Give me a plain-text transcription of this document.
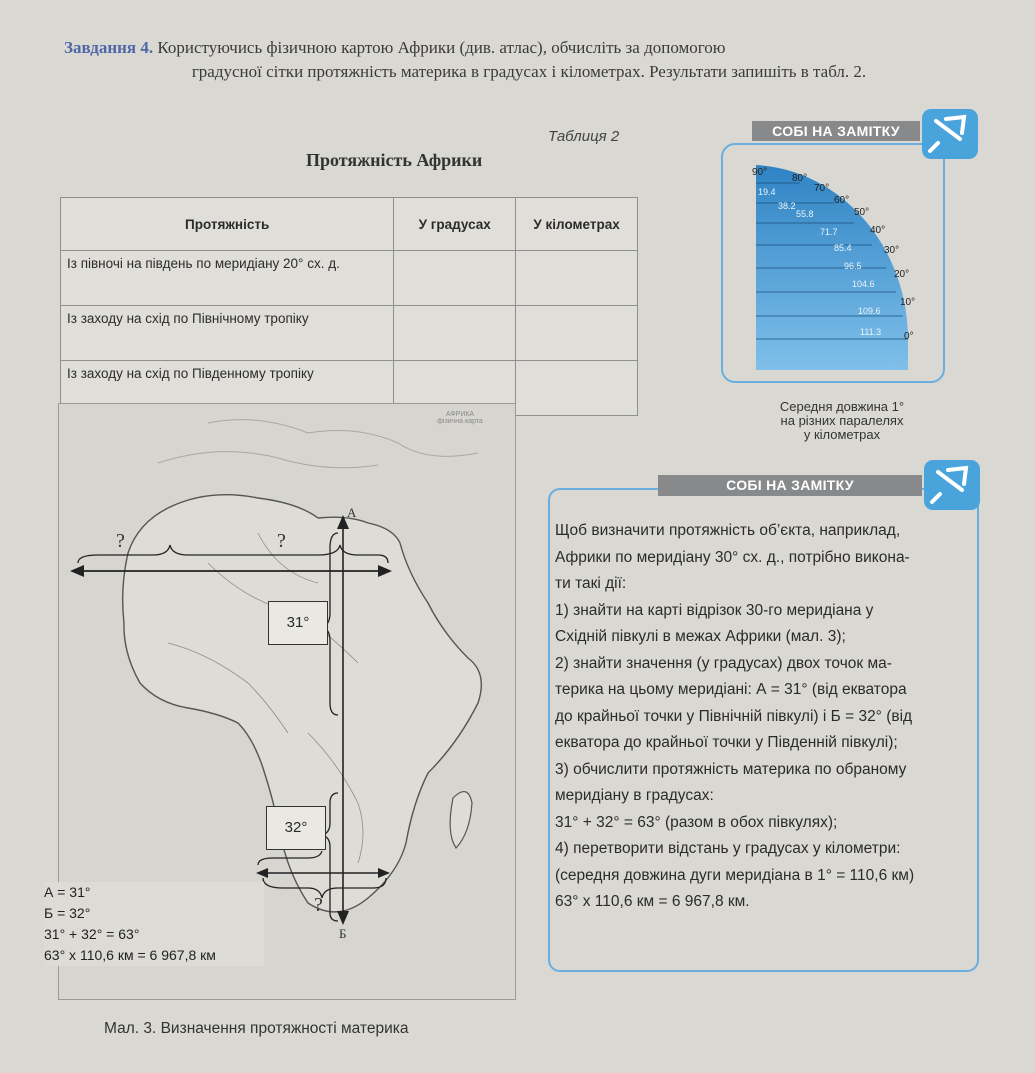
Завдання 4. Користуючись фізичною картою Африки (див. атлас), обчисліть за допомогою
градусної сітки протяжність материка в градусах і кілометрах. Результати запишіть в табл. 2.
Таблиця 2
Протяжність Африки
Протяжність	У градусах	У кілометрах
Із півночі на південь по меридіану 20° сх. д.		
Із заходу на схід по Північному тропіку		
Із заходу на схід по Південному тропіку		
СОБІ НА ЗАМІТКУ
19.4
38.2
55.8
71.7
85.4
96.5
104.6
109.6
111.3
90°
80°
70°
60°
50°
40°
30°
20°
10°
0°
Середня довжина 1°
на різних паралелях
у кілометрах
СОБІ НА ЗАМІТКУ
Щоб визначити протяжність об’єкта, наприклад,
Африки по меридіану 30° сх. д., потрібно викона-
ти такі дії:
1) знайти на карті відрізок 30-го меридіана у
Східній півкулі в межах Африки (мал. 3);
2) знайти значення (у градусах) двох точок ма-
терика на цьому меридіані: А = 31° (від екватора
до крайньої точки у Північній півкулі) і Б = 32° (від
екватора до крайньої точки у Південній півкулі);
3) обчислити протяжність материка по обраному
меридіану в градусах:
31° + 32° = 63° (разом в обох півкулях);
4) перетворити відстань у градусах у кілометри:
(середня довжина дуги меридіана в 1° = 110,6 км)
63° x 110,6 км = 6 967,8 км.
АФРИКА
фізична карта
31°
32°
?	?
?
А
Б
А = 31°
Б = 32°
31° + 32° = 63°
63° x 110,6 км = 6 967,8 км
Мал. 3. Визначення протяжності материка
